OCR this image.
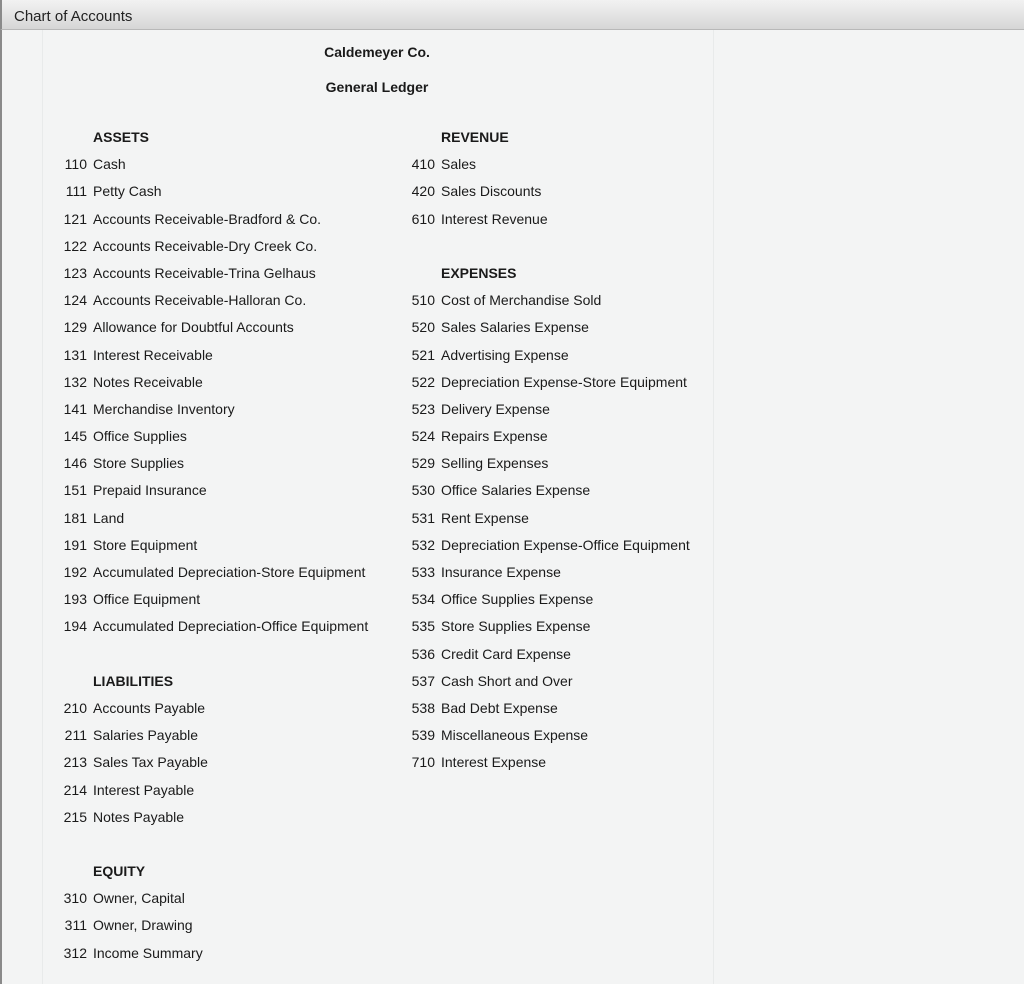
Chart of Accounts
Caldemeyer Co.
General Ledger
ASSETS
110 Cash
111 Petty Cash
121 Accounts Receivable-Bradford & Co.
122 Accounts Receivable-Dry Creek Co.
123 Accounts Receivable-Trina Gelhaus
124 Accounts Receivable-Halloran Co.
129 Allowance for Doubtful Accounts
131 Interest Receivable
132 Notes Receivable
141 Merchandise Inventory
145 Office Supplies
146 Store Supplies
151 Prepaid Insurance
181 Land
191 Store Equipment
192 Accumulated Depreciation-Store Equipment
193 Office Equipment
194 Accumulated Depreciation-Office Equipment
LIABILITIES
210 Accounts Payable
211 Salaries Payable
213 Sales Tax Payable
214 Interest Payable
215 Notes Payable
EQUITY
310 Owner, Capital
311 Owner, Drawing
312 Income Summary
REVENUE
410 Sales
420 Sales Discounts
610 Interest Revenue
EXPENSES
510 Cost of Merchandise Sold
520 Sales Salaries Expense
521 Advertising Expense
522 Depreciation Expense-Store Equipment
523 Delivery Expense
524 Repairs Expense
529 Selling Expenses
530 Office Salaries Expense
531 Rent Expense
532 Depreciation Expense-Office Equipment
533 Insurance Expense
534 Office Supplies Expense
535 Store Supplies Expense
536 Credit Card Expense
537 Cash Short and Over
538 Bad Debt Expense
539 Miscellaneous Expense
710 Interest Expense
